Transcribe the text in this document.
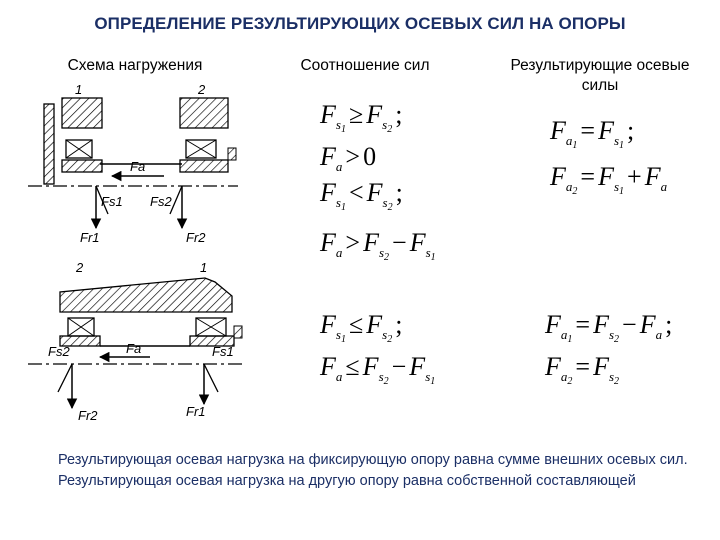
ОПРЕДЕЛЕНИЕ РЕЗУЛЬТИРУЮЩИХ ОСЕВЫХ СИЛ НА ОПОРЫ
Схема нагружения	Соотношение сил	Результирующие осевые силы
1	2
Fa
Fs1 Fs2
Fr1	Fr2
2	1
Fa
Fs2	Fs1
Fr2	Fr1
$F_{s_1}\ge F_{s_2}$;
$F_a > 0$
$F_{s_1}< F_{s_2}$;
$F_a > F_{s_2}- F_{s_1}$
$F_{a_1}= F_{s_1}$;
$F_{a_2}= F_{s_1}+ F_a$
$F_{s_1}\le F_{s_2}$;
$F_a \le F_{s_2}- F_{s_1}$
$F_{a_1}= F_{s_2}- F_a$ ;
$F_{a_2}= F_{s_2}$

Результирующая осевая нагрузка на фиксирующую опору равна сумме внешних осевых сил.

Результирующая осевая нагрузка на другую опору равна собственной составляющей
